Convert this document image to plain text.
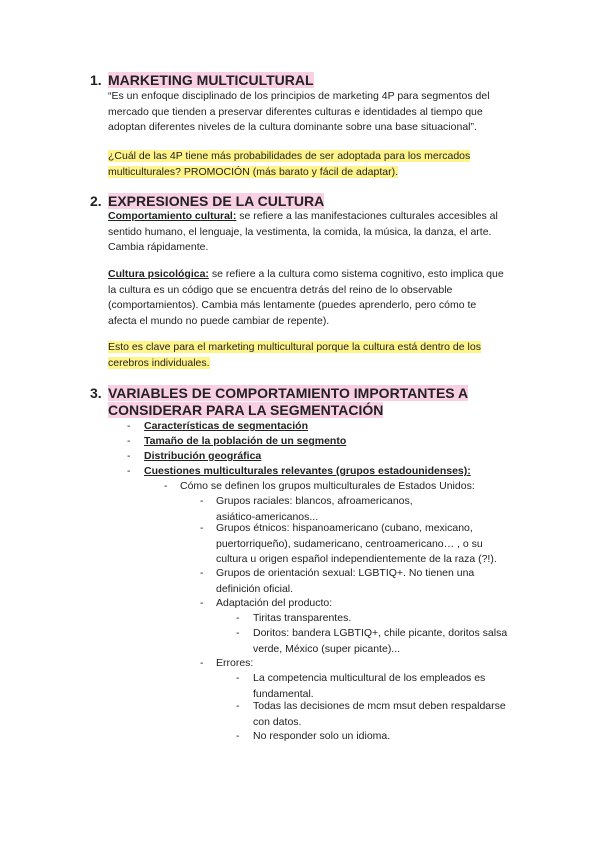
1. MARKETING MULTICULTURAL
“Es un enfoque disciplinado de los principios de marketing 4P para segmentos del
mercado que tienden a preservar diferentes culturas e identidades al tiempo que
adoptan diferentes niveles de la cultura dominante sobre una base situacional”.
¿Cuál de las 4P tiene más probabilidades de ser adoptada para los mercados
multiculturales? PROMOCIÓN (más barato y fácil de adaptar).
2. EXPRESIONES DE LA CULTURA
Comportamiento cultural: se refiere a las manifestaciones culturales accesibles al
sentido humano, el lenguaje, la vestimenta, la comida, la música, la danza, el arte.
Cambia rápidamente.
Cultura psicológica: se refiere a la cultura como sistema cognitivo, esto implica que
la cultura es un código que se encuentra detrás del reino de lo observable
(comportamientos). Cambia más lentamente (puedes aprenderlo, pero cómo te
afecta el mundo no puede cambiar de repente).
Esto es clave para el marketing multicultural porque la cultura está dentro de los
cerebros individuales.
3. VARIABLES DE COMPORTAMIENTO IMPORTANTES A
CONSIDERAR PARA LA SEGMENTACIÓN
- Características de segmentación
- Tamaño de la población de un segmento
- Distribución geográfica
- Cuestiones multiculturales relevantes (grupos estadounidenses):
- Cómo se definen los grupos multiculturales de Estados Unidos:
- Grupos raciales: blancos, afroamericanos,
asiático-americanos...
- Grupos étnicos: hispanoamericano (cubano, mexicano,
puertorriqueño), sudamericano, centroamericano… , o su
cultura u origen español independientemente de la raza (?!).
- Grupos de orientación sexual: LGBTIQ+. No tienen una
definición oficial.
- Adaptación del producto:
- Tiritas transparentes.
- Doritos: bandera LGBTIQ+, chile picante, doritos salsa
verde, México (super picante)...
- Errores:
- La competencia multicultural de los empleados es
fundamental.
- Todas las decisiones de mcm msut deben respaldarse
con datos.
- No responder solo un idioma.
